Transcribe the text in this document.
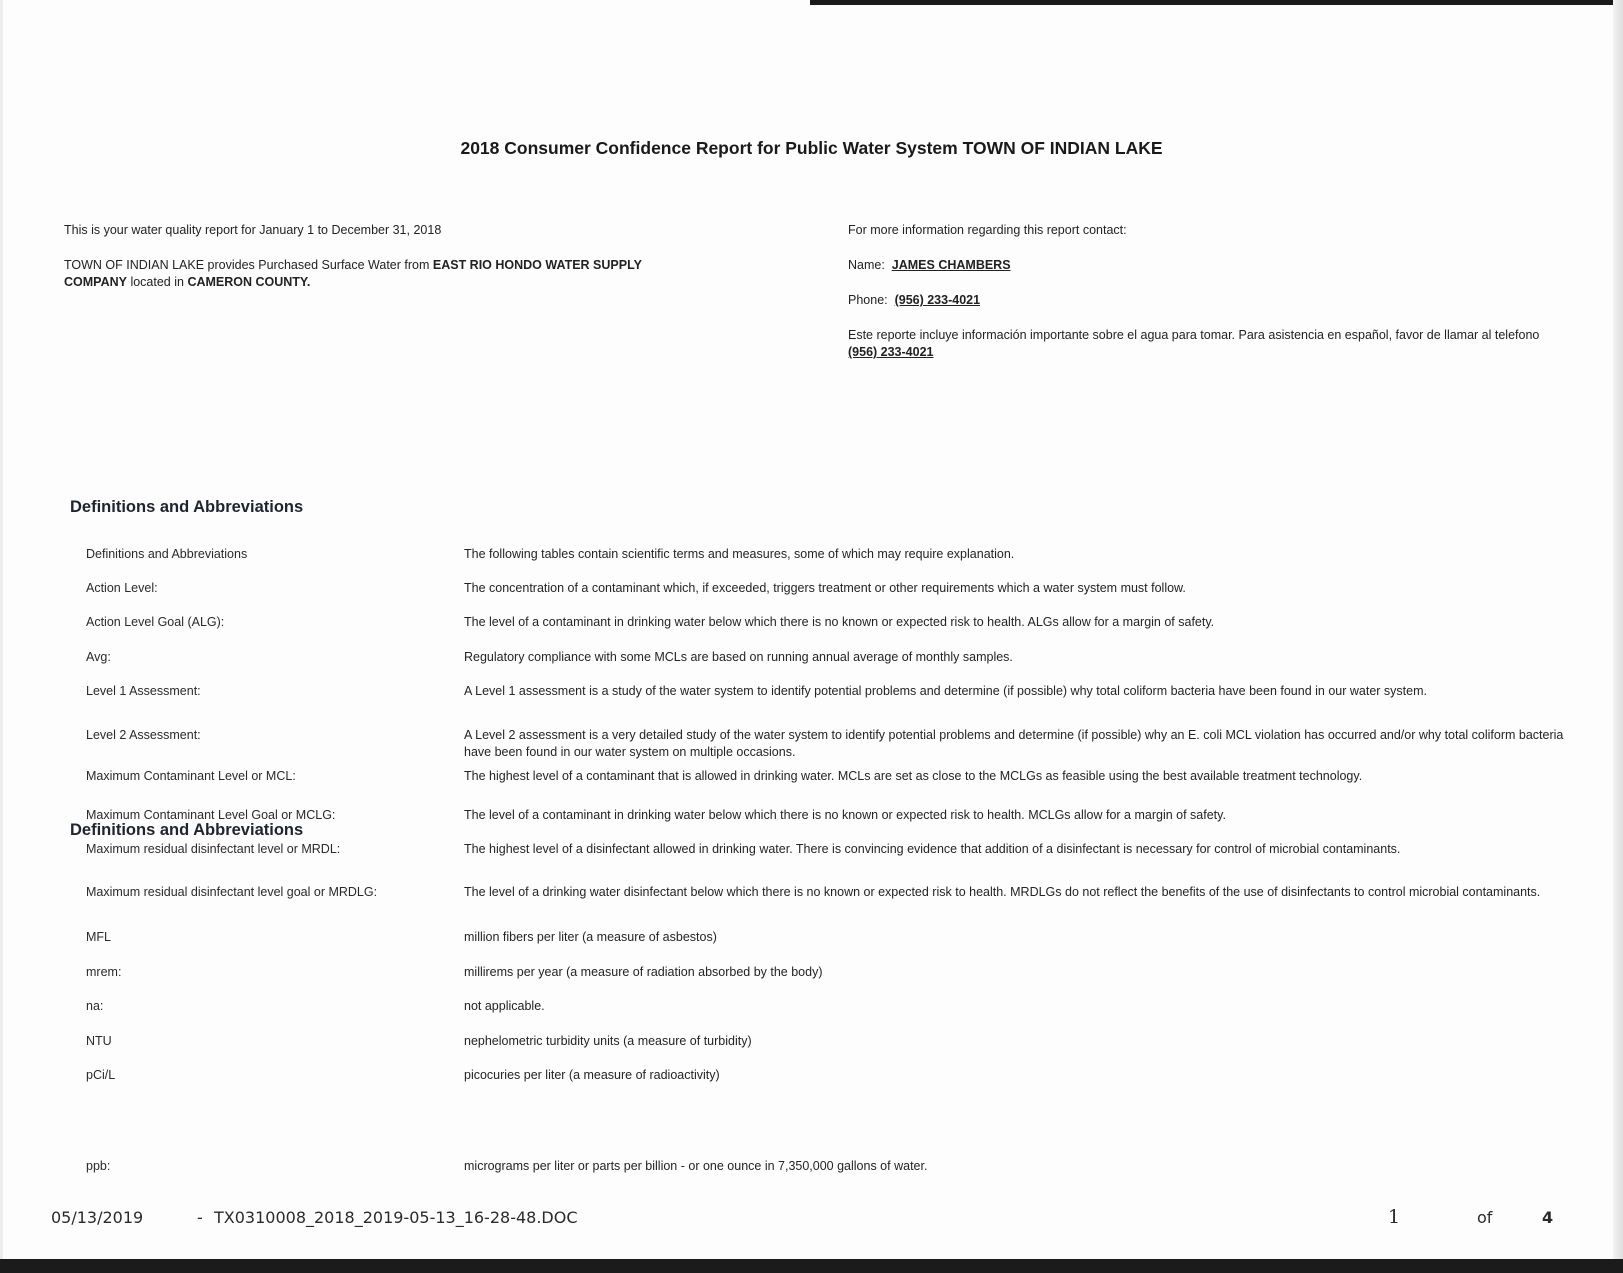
2018 Consumer Confidence Report for Public Water System TOWN OF INDIAN LAKE

This is your water quality report for January 1 to December 31, 2018

TOWN OF INDIAN LAKE provides Purchased Surface Water from EAST RIO HONDO WATER SUPPLY COMPANY located in CAMERON COUNTY.

For more information regarding this report contact:

Name: JAMES CHAMBERS

Phone: (956) 233-4021

Este reporte incluye información importante sobre el agua para tomar. Para asistencia en español, favor de llamar al telefono (956) 233-4021

Definitions and Abbreviations
Definitions and Abbreviations	The following tables contain scientific terms and measures, some of which may require explanation.
Action Level:	The concentration of a contaminant which, if exceeded, triggers treatment or other requirements which a water system must follow.
Action Level Goal (ALG):	The level of a contaminant in drinking water below which there is no known or expected risk to health. ALGs allow for a margin of safety.
Avg:	Regulatory compliance with some MCLs are based on running annual average of monthly samples.
Level 1 Assessment:	A Level 1 assessment is a study of the water system to identify potential problems and determine (if possible) why total coliform bacteria have been found in our water system.
Level 2 Assessment:	A Level 2 assessment is a very detailed study of the water system to identify potential problems and determine (if possible) why an E. coli MCL violation has occurred and/or why total coliform bacteria have been found in our water system on multiple occasions.
Maximum Contaminant Level or MCL:	The highest level of a contaminant that is allowed in drinking water. MCLs are set as close to the MCLGs as feasible using the best available treatment technology.
Maximum Contaminant Level Goal or MCLG:	The level of a contaminant in drinking water below which there is no known or expected risk to health. MCLGs allow for a margin of safety.
Maximum residual disinfectant level or MRDL:	The highest level of a disinfectant allowed in drinking water. There is convincing evidence that addition of a disinfectant is necessary for control of microbial contaminants.
Maximum residual disinfectant level goal or MRDLG:	The level of a drinking water disinfectant below which there is no known or expected risk to health. MRDLGs do not reflect the benefits of the use of disinfectants to control microbial contaminants.
MFL	million fibers per liter (a measure of asbestos)
mrem:	millirems per year (a measure of radiation absorbed by the body)
na:	not applicable.
NTU	nephelometric turbidity units (a measure of turbidity)
pCi/L	picocuries per liter (a measure of radioactivity)
ppb:	micrograms per liter or parts per billion - or one ounce in 7,350,000 gallons of water.
Definitions and Abbreviations
05/13/2019	- TX0310008_2018_2019-05-13_16-28-48.DOC	1	of	4
